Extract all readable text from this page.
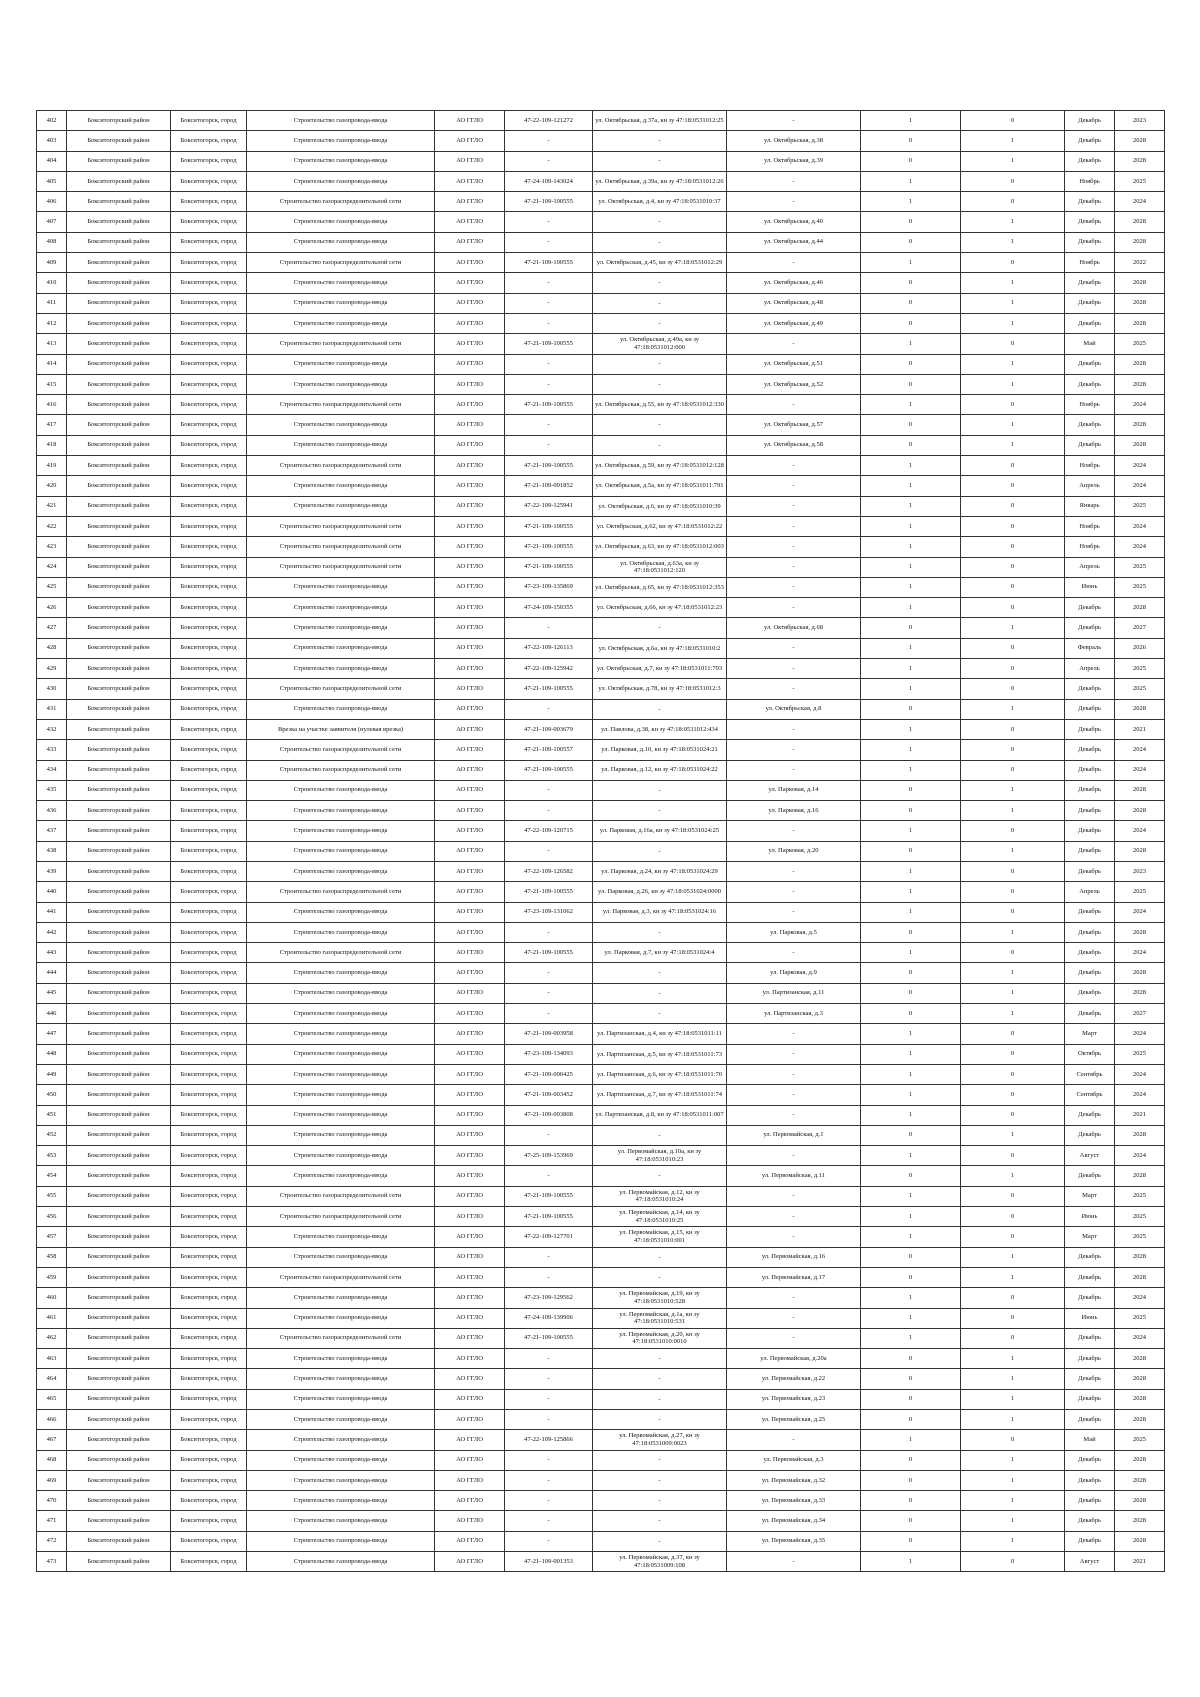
402	Бокситогорский район	Бокситогорск, город	Строительство газопровода-ввода	АО ГГЛО	47-22-109-121272	ул. Октябрьская, д.37а, кн зу 47:18:0531012:25	-	1	0	Декабрь	2023
403	Бокситогорский район	Бокситогорск, город	Строительство газопровода-ввода	АО ГГЛО	-	-	ул. Октябрьская, д.38	0	1	Декабрь	2028
404	Бокситогорский район	Бокситогорск, город	Строительство газопровода-ввода	АО ГГЛО	-	-	ул. Октябрьская, д.39	0	1	Декабрь	2028
405	Бокситогорский район	Бокситогорск, город	Строительство газопровода-ввода	АО ГГЛО	47-24-109-143024	ул. Октябрьская, д.39а, кн зу 47:18:0531012:26	-	1	0	Ноябрь	2025
406	Бокситогорский район	Бокситогорск, город	Строительство газораспределительной сети	АО ГГЛО	47-21-109-100555	ул. Октябрьская, д.4, кн зу 47:18:0531010:37	-	1	0	Декабрь	2024
407	Бокситогорский район	Бокситогорск, город	Строительство газопровода-ввода	АО ГГЛО	-	-	ул. Октябрьская, д.40	0	1	Декабрь	2028
408	Бокситогорский район	Бокситогорск, город	Строительство газопровода-ввода	АО ГГЛО	-	-	ул. Октябрьская, д.44	0	1	Декабрь	2028
409	Бокситогорский район	Бокситогорск, город	Строительство газораспределительной сети	АО ГГЛО	47-21-109-100555	ул. Октябрьская, д.45, кн зу 47:18:0531012:29	-	1	0	Ноябрь	2022
410	Бокситогорский район	Бокситогорск, город	Строительство газопровода-ввода	АО ГГЛО	-	-	ул. Октябрьская, д.46	0	1	Декабрь	2028
411	Бокситогорский район	Бокситогорск, город	Строительство газопровода-ввода	АО ГГЛО	-	-	ул. Октябрьская, д.48	0	1	Декабрь	2028
412	Бокситогорский район	Бокситогорск, город	Строительство газопровода-ввода	АО ГГЛО	-	-	ул. Октябрьская, д.49	0	1	Декабрь	2028
413	Бокситогорский район	Бокситогорск, город	Строительство газораспределительной сети	АО ГГЛО	47-21-109-100555	ул. Октябрьская, д.49а, кн зу 47:18:0531012:000	-	1	0	Май	2025
414	Бокситогорский район	Бокситогорск, город	Строительство газопровода-ввода	АО ГГЛО	-	-	ул. Октябрьская, д.51	0	1	Декабрь	2028
415	Бокситогорский район	Бокситогорск, город	Строительство газопровода-ввода	АО ГГЛО	-	-	ул. Октябрьская, д.52	0	1	Декабрь	2028
416	Бокситогорский район	Бокситогорск, город	Строительство газораспределительной сети	АО ГГЛО	47-21-109-100555	ул. Октябрьская, д.55, кн зу 47:18:0531012:330	-	1	0	Ноябрь	2024
417	Бокситогорский район	Бокситогорск, город	Строительство газопровода-ввода	АО ГГЛО	-	-	ул. Октябрьская, д.57	0	1	Декабрь	2028
418	Бокситогорский район	Бокситогорск, город	Строительство газопровода-ввода	АО ГГЛО	-	-	ул. Октябрьская, д.58	0	1	Декабрь	2028
419	Бокситогорский район	Бокситогорск, город	Строительство газораспределительной сети	АО ГГЛО	47-21-109-100555	ул. Октябрьская, д.59, кн зу 47:18:0531012:128	-	1	0	Ноябрь	2024
420	Бокситогорский район	Бокситогорск, город	Строительство газопровода-ввода	АО ГГЛО	47-21-109-001852	ул. Октябрьская, д.5а, кн зу 47:18:0531011:791	-	1	0	Апрель	2024
421	Бокситогорский район	Бокситогорск, город	Строительство газопровода-ввода	АО ГГЛО	47-22-109-125941	ул. Октябрьская, д.6, кн зу 47:18:0531010:39	-	1	0	Январь	2025
422	Бокситогорский район	Бокситогорск, город	Строительство газораспределительной сети	АО ГГЛО	47-21-109-100555	ул. Октябрьская, д.62, кн зу 47:18:0531012:22	-	1	0	Ноябрь	2024
423	Бокситогорский район	Бокситогорск, город	Строительство газораспределительной сети	АО ГГЛО	47-21-109-100555	ул. Октябрьская, д.63, кн зу 47:18:0531012:003	-	1	0	Ноябрь	2024
424	Бокситогорский район	Бокситогорск, город	Строительство газораспределительной сети	АО ГГЛО	47-21-109-100555	ул. Октябрьская, д.63а, кн зу 47:18:0531012:120	-	1	0	Апрель	2025
425	Бокситогорский район	Бокситогорск, город	Строительство газопровода-ввода	АО ГГЛО	47-23-109-135869	ул. Октябрьская, д.65, кн зу 47:18:0531012:353	-	1	0	Июнь	2025
426	Бокситогорский район	Бокситогорск, город	Строительство газопровода-ввода	АО ГГЛО	47-24-109-150355	ул. Октябрьская, д.66, кн зу 47:18:0531012:23	-	1	0	Декабрь	2028
427	Бокситогорский район	Бокситогорск, город	Строительство газопровода-ввода	АО ГГЛО	-	-	ул. Октябрьская, д.68	0	1	Декабрь	2027
428	Бокситогорский район	Бокситогорск, город	Строительство газопровода-ввода	АО ГГЛО	47-22-109-126113	ул. Октябрьская, д.6а, кн зу 47:18:0531010:2	-	1	0	Февраль	2026
429	Бокситогорский район	Бокситогорск, город	Строительство газопровода-ввода	АО ГГЛО	47-22-109-125942	ул. Октябрьская, д.7, кн зу 47:18:0531011:793	-	1	0	Апрель	2025
430	Бокситогорский район	Бокситогорск, город	Строительство газораспределительной сети	АО ГГЛО	47-21-109-100555	ул. Октябрьская, д.78, кн зу 47:18:0531012:3	-	1	0	Декабрь	2025
431	Бокситогорский район	Бокситогорск, город	Строительство газопровода-ввода	АО ГГЛО	-	-	ул. Октябрьская, д.8	0	1	Декабрь	2028
432	Бокситогорский район	Бокситогорск, город	Врезка на участке заявителя (нулевая врезка)	АО ГГЛО	47-21-109-003679	ул. Павлова, д.38, кн зу 47:18:0531012:434	-	1	0	Декабрь	2021
433	Бокситогорский район	Бокситогорск, город	Строительство газораспределительной сети	АО ГГЛО	47-21-109-100557	ул. Парковая, д.10, кн зу 47:18:0531024:21	-	1	0	Декабрь	2024
434	Бокситогорский район	Бокситогорск, город	Строительство газораспределительной сети	АО ГГЛО	47-21-109-100555	ул. Парковая, д.12, кн зу 47:18:0531024:22	-	1	0	Декабрь	2024
435	Бокситогорский район	Бокситогорск, город	Строительство газопровода-ввода	АО ГГЛО	-	-	ул. Парковая, д.14	0	1	Декабрь	2028
436	Бокситогорский район	Бокситогорск, город	Строительство газопровода-ввода	АО ГГЛО	-	-	ул. Парковая, д.16	0	1	Декабрь	2028
437	Бокситогорский район	Бокситогорск, город	Строительство газопровода-ввода	АО ГГЛО	47-22-109-120715	ул. Парковая, д.16а, кн зу 47:18:0531024:25	-	1	0	Декабрь	2024
438	Бокситогорский район	Бокситогорск, город	Строительство газопровода-ввода	АО ГГЛО	-	-	ул. Парковая, д.20	0	1	Декабрь	2028
439	Бокситогорский район	Бокситогорск, город	Строительство газопровода-ввода	АО ГГЛО	47-22-109-126582	ул. Парковая, д.24, кн зу 47:18:0531024:29	-	1	0	Декабрь	2023
440	Бокситогорский район	Бокситогорск, город	Строительство газораспределительной сети	АО ГГЛО	47-21-109-100555	ул. Парковая, д.26, кн зу 47:18:0531024:0000	-	1	0	Апрель	2025
441	Бокситогорский район	Бокситогорск, город	Строительство газопровода-ввода	АО ГГЛО	47-23-109-131062	ул. Парковая, д.3, кн зу 47:18:0531024:16	-	1	0	Декабрь	2024
442	Бокситогорский район	Бокситогорск, город	Строительство газопровода-ввода	АО ГГЛО	-	-	ул. Парковая, д.5	0	1	Декабрь	2028
443	Бокситогорский район	Бокситогорск, город	Строительство газораспределительной сети	АО ГГЛО	47-21-109-100555	ул. Парковая, д.7, кн зу 47:18:0531024:4	-	1	0	Декабрь	2024
444	Бокситогорский район	Бокситогорск, город	Строительство газопровода-ввода	АО ГГЛО	-	-	ул. Парковая, д.9	0	1	Декабрь	2028
445	Бокситогорский район	Бокситогорск, город	Строительство газопровода-ввода	АО ГГЛО	-	-	ул. Партизанская, д.11	0	1	Декабрь	2028
446	Бокситогорский район	Бокситогорск, город	Строительство газопровода-ввода	АО ГГЛО	-	-	ул. Партизанская, д.3	0	1	Декабрь	2027
447	Бокситогорский район	Бокситогорск, город	Строительство газопровода-ввода	АО ГГЛО	47-21-109-003958	ул. Партизанская, д.4, кн зу 47:18:0531011:11	-	1	0	Март	2024
448	Бокситогорский район	Бокситогорск, город	Строительство газопровода-ввода	АО ГГЛО	47-23-109-134093	ул. Партизанская, д.5, кн зу 47:18:0531011:73	-	1	0	Октябрь	2025
449	Бокситогорский район	Бокситогорск, город	Строительство газопровода-ввода	АО ГГЛО	47-21-109-000425	ул. Партизанская, д.6, кн зу 47:18:0531011:70	-	1	0	Сентябрь	2024
450	Бокситогорский район	Бокситогорск, город	Строительство газопровода-ввода	АО ГГЛО	47-21-109-003452	ул. Партизанская, д.7, кн зу 47:18:0531011:74	-	1	0	Сентябрь	2024
451	Бокситогорский район	Бокситогорск, город	Строительство газопровода-ввода	АО ГГЛО	47-21-109-003808	ул. Партизанская, д.8, кн зу 47:18:0531011:007	-	1	0	Декабрь	2021
452	Бокситогорский район	Бокситогорск, город	Строительство газопровода-ввода	АО ГГЛО	-	-	ул. Первомайская, д.1	0	1	Декабрь	2028
453	Бокситогорский район	Бокситогорск, город	Строительство газопровода-ввода	АО ГГЛО	47-25-109-153969	ул. Первомайская, д.10а, кн зу 47:18:0531010:23	-	1	0	Август	2024
454	Бокситогорский район	Бокситогорск, город	Строительство газопровода-ввода	АО ГГЛО	-	-	ул. Первомайская, д.11	0	1	Декабрь	2028
455	Бокситогорский район	Бокситогорск, город	Строительство газораспределительной сети	АО ГГЛО	47-21-109-100555	ул. Первомайская, д.12, кн зу 47:18:0531010:24	-	1	0	Март	2025
456	Бокситогорский район	Бокситогорск, город	Строительство газораспределительной сети	АО ГГЛО	47-21-109-100555	ул. Первомайская, д.14, кн зу 47:18:0531010:25	-	1	0	Июнь	2025
457	Бокситогорский район	Бокситогорск, город	Строительство газопровода-ввода	АО ГГЛО	47-22-109-127701	ул. Первомайская, д.15, кн зу 47:18:0531010:001	-	1	0	Март	2025
458	Бокситогорский район	Бокситогорск, город	Строительство газопровода-ввода	АО ГГЛО	-	-	ул. Первомайская, д.16	0	1	Декабрь	2028
459	Бокситогорский район	Бокситогорск, город	Строительство газораспределительной сети	АО ГГЛО	-	-	ул. Первомайская, д.17	0	1	Декабрь	2028
460	Бокситогорский район	Бокситогорск, город	Строительство газопровода-ввода	АО ГГЛО	47-23-109-129562	ул. Первомайская, д.19, кн зу 47:18:0531010:528	-	1	0	Декабрь	2024
461	Бокситогорский район	Бокситогорск, город	Строительство газопровода-ввода	АО ГГЛО	47-24-109-139906	ул. Первомайская, д.1а, кн зу 47:18:0531010:531	-	1	0	Июнь	2025
462	Бокситогорский район	Бокситогорск, город	Строительство газораспределительной сети	АО ГГЛО	47-21-109-100555	ул. Первомайская, д.20, кн зу 47:18:0531010:0010	-	1	0	Декабрь	2024
463	Бокситогорский район	Бокситогорск, город	Строительство газопровода-ввода	АО ГГЛО	-	-	ул. Первомайская, д.20а	0	1	Декабрь	2028
464	Бокситогорский район	Бокситогорск, город	Строительство газопровода-ввода	АО ГГЛО	-	-	ул. Первомайская, д.22	0	1	Декабрь	2028
465	Бокситогорский район	Бокситогорск, город	Строительство газопровода-ввода	АО ГГЛО	-	-	ул. Первомайская, д.23	0	1	Декабрь	2028
466	Бокситогорский район	Бокситогорск, город	Строительство газопровода-ввода	АО ГГЛО	-	-	ул. Первомайская, д.25	0	1	Декабрь	2028
467	Бокситогорский район	Бокситогорск, город	Строительство газопровода-ввода	АО ГГЛО	47-22-109-125866	ул. Первомайская, д.27, кн зу 47:18:0531009:0023	-	1	0	Май	2025
468	Бокситогорский район	Бокситогорск, город	Строительство газопровода-ввода	АО ГГЛО	-	-	ул. Первомайская, д.3	0	1	Декабрь	2028
469	Бокситогорский район	Бокситогорск, город	Строительство газопровода-ввода	АО ГГЛО	-	-	ул. Первомайская, д.32	0	1	Декабрь	2028
470	Бокситогорский район	Бокситогорск, город	Строительство газопровода-ввода	АО ГГЛО	-	-	ул. Первомайская, д.33	0	1	Декабрь	2028
471	Бокситогорский район	Бокситогорск, город	Строительство газопровода-ввода	АО ГГЛО	-	-	ул. Первомайская, д.34	0	1	Декабрь	2028
472	Бокситогорский район	Бокситогорск, город	Строительство газопровода-ввода	АО ГГЛО	-	-	ул. Первомайская, д.35	0	1	Декабрь	2028
473	Бокситогорский район	Бокситогорск, город	Строительство газопровода-ввода	АО ГГЛО	47-21-109-001353	ул. Первомайская, д.37, кн зу 47:18:0531009:108	-	1	0	Август	2021
